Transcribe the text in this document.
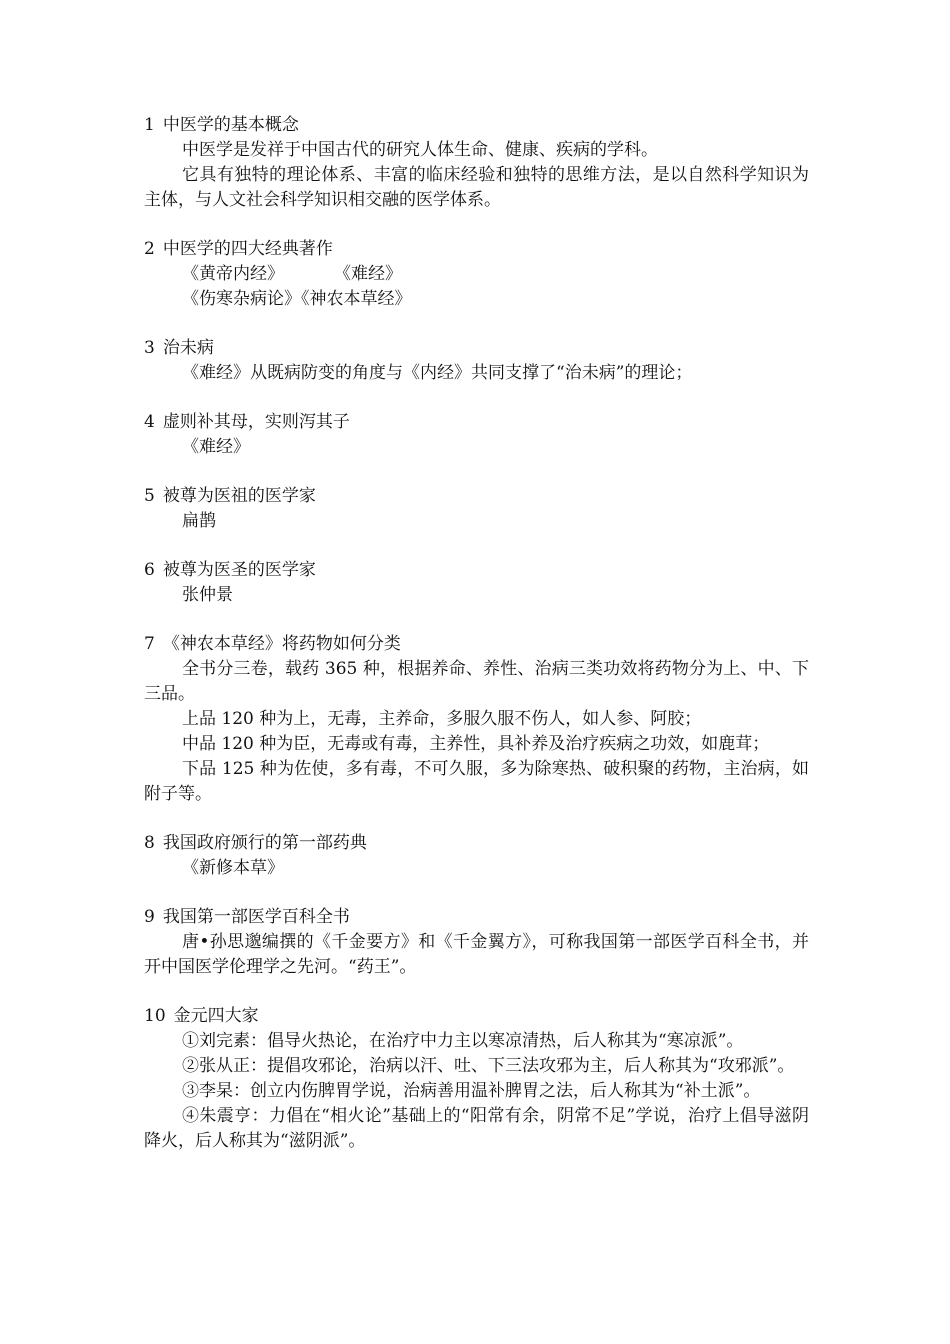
1 中医学的基本概念

中医学是发祥于中国古代的研究人体生命、健康、疾病的学科。

它具有独特的理论体系、丰富的临床经验和独特的思维方法，是以自然科学知识为主体，与人文社会科学知识相交融的医学体系。

2 中医学的四大经典著作

《黄帝内经》	《难经》

《伤寒杂病论》《神农本草经》

3 治未病

《难经》从既病防变的角度与《内经》共同支撑了“治未病”的理论；

4 虚则补其母，实则泻其子

《难经》

5 被尊为医祖的医学家

扁鹊

6 被尊为医圣的医学家

张仲景

7 《神农本草经》将药物如何分类

全书分三卷，载药 365 种，根据养命、养性、治病三类功效将药物分为上、中、下三品。

上品 120 种为上，无毒，主养命，多服久服不伤人，如人参、阿胶；

中品 120 种为臣，无毒或有毒，主养性，具补养及治疗疾病之功效，如鹿茸；

下品 125 种为佐使，多有毒，不可久服，多为除寒热、破积聚的药物，主治病，如附子等。

8 我国政府颁行的第一部药典

《新修本草》

9 我国第一部医学百科全书

唐•孙思邈编撰的《千金要方》和《千金翼方》，可称我国第一部医学百科全书，并开中国医学伦理学之先河。“药王”。

10 金元四大家

①刘完素：倡导火热论，在治疗中力主以寒凉清热，后人称其为“寒凉派”。

②张从正：提倡攻邪论，治病以汗、吐、下三法攻邪为主，后人称其为“攻邪派”。

③李杲：创立内伤脾胃学说，治病善用温补脾胃之法，后人称其为“补土派”。

④朱震亨：力倡在“相火论”基础上的“阳常有余，阴常不足”学说，治疗上倡导滋阴降火，后人称其为“滋阴派”。
